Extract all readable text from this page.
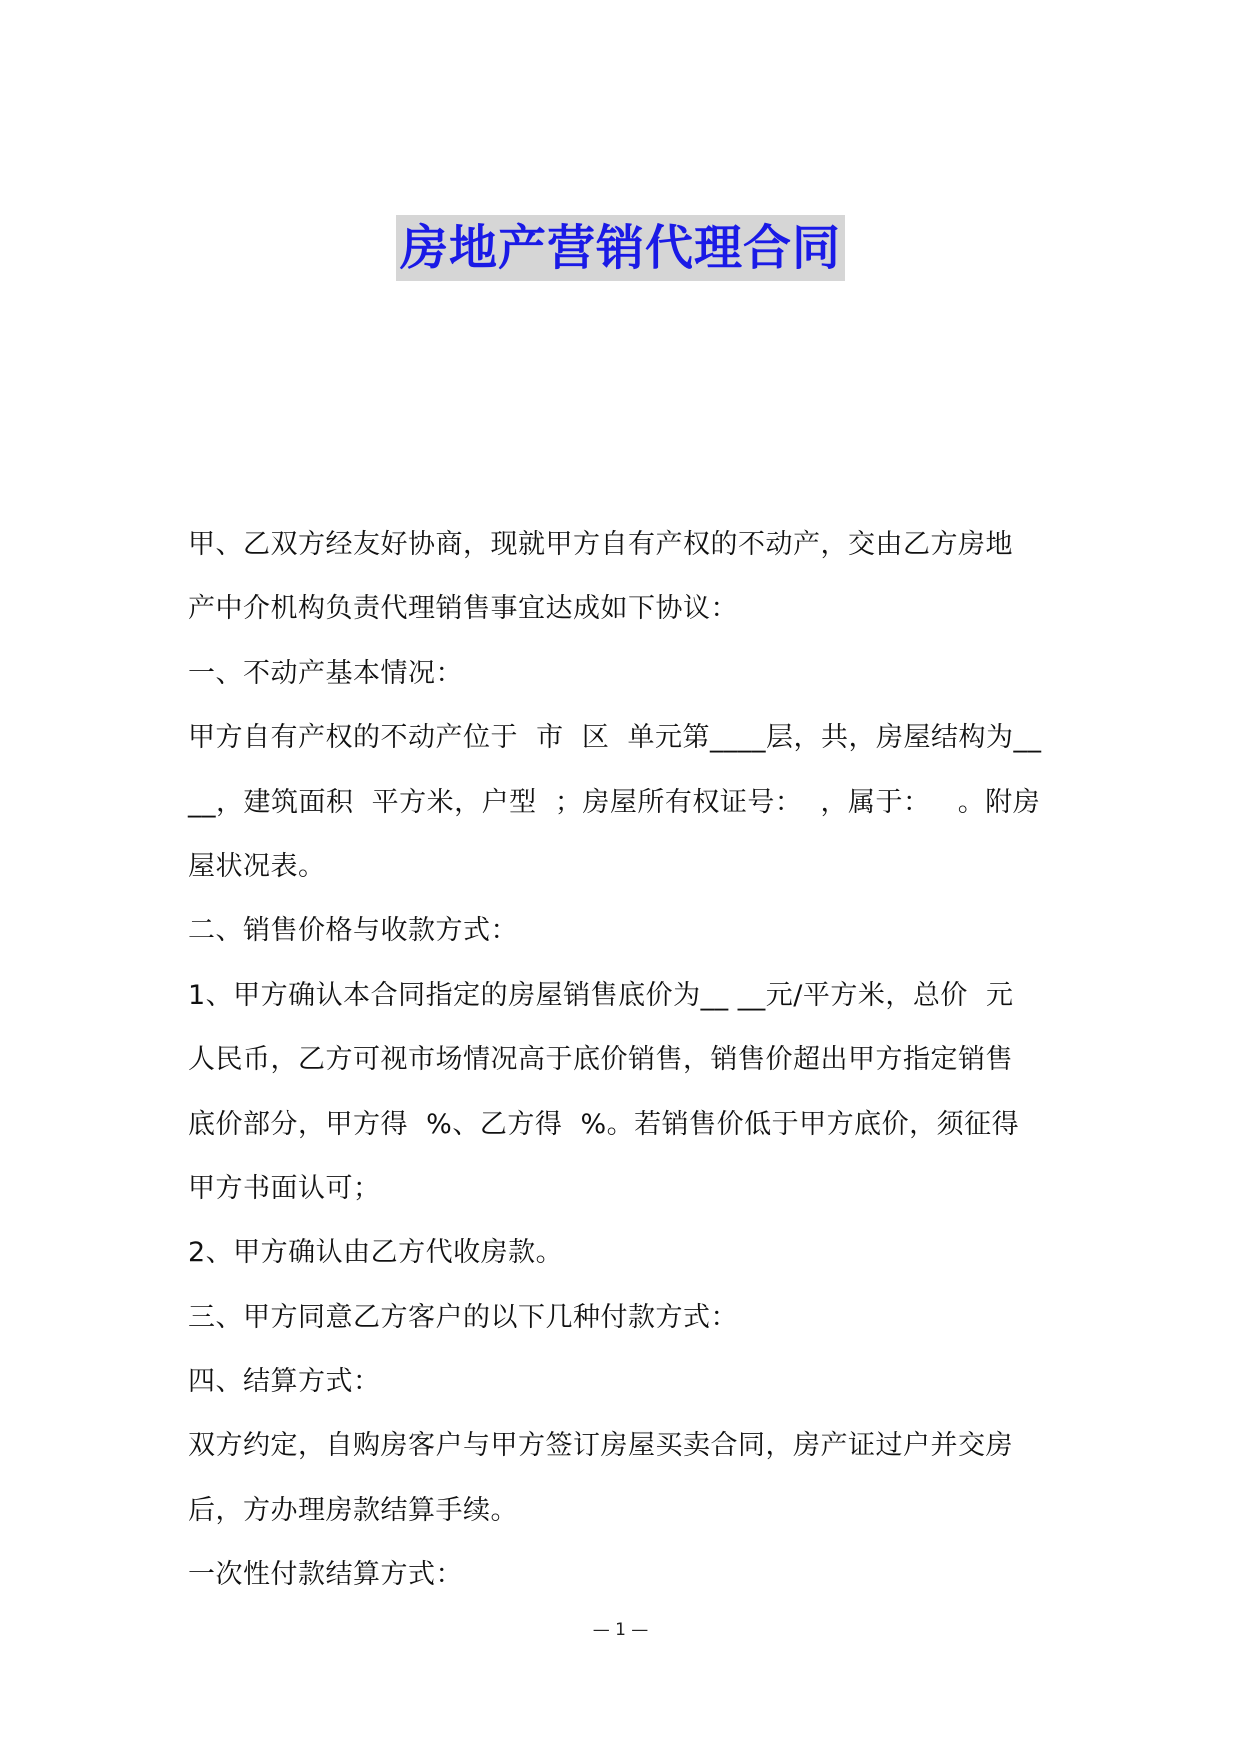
房地产营销代理合同
甲、乙双方经友好协商，现就甲方自有产权的不动产，交由乙方房地
产中介机构负责代理销售事宜达成如下协议：
一、不动产基本情况：
甲方自有产权的不动产位于  市  区  单元第____层，共，房屋结构为__
__，建筑面积  平方米，户型  ；房屋所有权证号：  ，属于：   。附房
屋状况表。
二、销售价格与收款方式：
1、甲方确认本合同指定的房屋销售底价为__ __元/平方米，总价  元
人民币，乙方可视市场情况高于底价销售，销售价超出甲方指定销售
底价部分，甲方得  %、乙方得  %。若销售价低于甲方底价，须征得
甲方书面认可；
2、甲方确认由乙方代收房款。
三、甲方同意乙方客户的以下几种付款方式：
四、结算方式：
双方约定，自购房客户与甲方签订房屋买卖合同，房产证过户并交房
后，方办理房款结算手续。
一次性付款结算方式：
— 1 —
